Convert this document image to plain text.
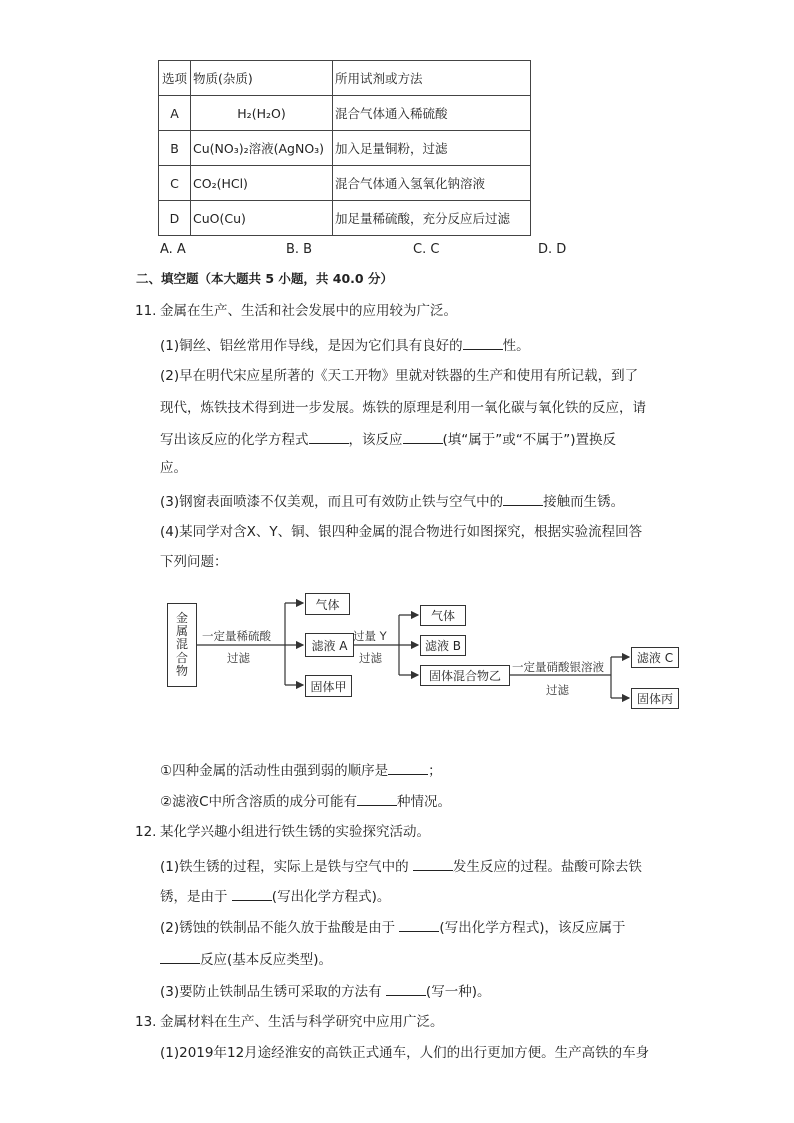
选项	物质(杂质)	所用试剂或方法
A	H₂(H₂O)	混合气体通入稀硫酸
B	Cu(NO₃)₂溶液(AgNO₃)	加入足量铜粉，过滤
C	CO₂(HCl)	混合气体通入氢氧化钠溶液
D	CuO(Cu)	加足量稀硫酸，充分反应后过滤
A. A	B. B	C. C	D. D
二、填空题（本大题共 5 小题，共 40.0 分）
11. 金属在生产、生活和社会发展中的应用较为广泛。
(1)铜丝、铝丝常用作导线，是因为它们具有良好的	性。
(2)早在明代宋应星所著的《天工开物》里就对铁器的生产和使用有所记载，到了
现代，炼铁技术得到进一步发展。炼铁的原理是利用一氧化碳与氧化铁的反应，请
写出该反应的化学方程式	，该反应	(填“属于”或“不属于”)置换反
应。
(3)钢窗表面喷漆不仅美观，而且可有效防止铁与空气中的	接触而生锈。
(4)某同学对含X、Y、铜、银四种金属的混合物进行如图探究，根据实验流程回答
下列问题：
金
属
混
合
物
一定量稀硫酸
过滤
气体
滤液 A
固体甲
过量 Y
过滤
气体
滤液 B
固体混合物乙
一定量硝酸银溶液
过滤
滤液 C
固体丙
①四种金属的活动性由强到弱的顺序是	；
②滤液C中所含溶质的成分可能有	种情况。
12. 某化学兴趣小组进行铁生锈的实验探究活动。
(1)铁生锈的过程，实际上是铁与空气中的	发生反应的过程。盐酸可除去铁
锈，是由于	(写出化学方程式)。
(2)锈蚀的铁制品不能久放于盐酸是由于	(写出化学方程式)，该反应属于
反应(基本反应类型)。
(3)要防止铁制品生锈可采取的方法有	(写一种)。
13. 金属材料在生产、生活与科学研究中应用广泛。
(1)2019年12月途经淮安的高铁正式通车，人们的出行更加方便。生产高铁的车身
